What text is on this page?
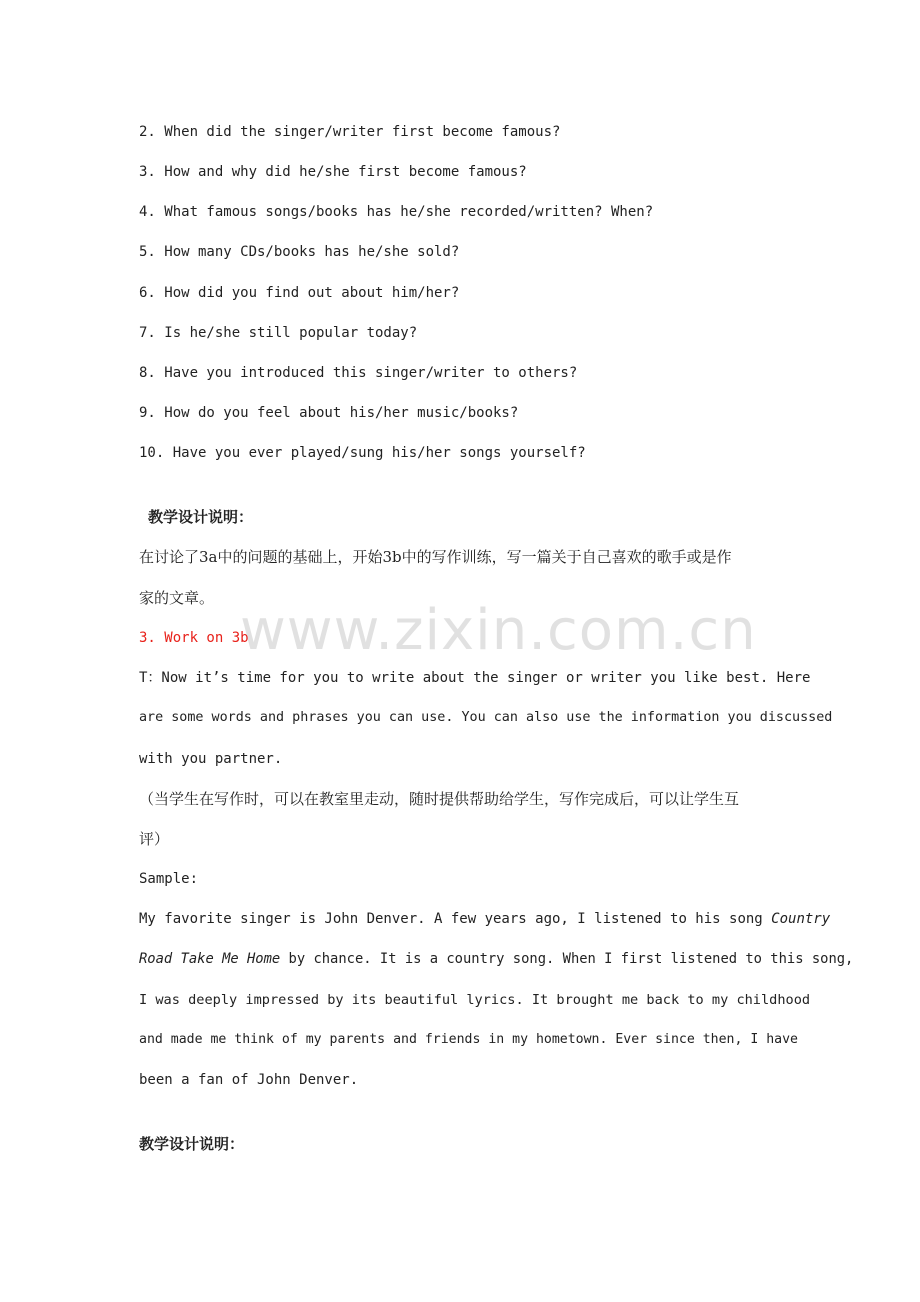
2. When did the singer/writer first become famous?
3. How and why did he/she first become famous?
4. What famous songs/books has he/she recorded/written? When?
5. How many CDs/books has he/she sold?
6. How did you find out about him/her?
7. Is he/she still popular today?
8. Have you introduced this singer/writer to others?
9. How do you feel about his/her music/books?
10. Have you ever played/sung his/her songs yourself?
教学设计说明：
在讨论了3a中的问题的基础上，开始3b中的写作训练，写一篇关于自己喜欢的歌手或是作
家的文章。
3. Work on 3b
T：Now it’s time for you to write about the singer or writer you like best. Here
are some words and phrases you can use. You can also use the information you discussed
with you partner.
（当学生在写作时，可以在教室里走动，随时提供帮助给学生，写作完成后，可以让学生互
评）
Sample:
My favorite singer is John Denver. A few years ago, I listened to his song Country
Road Take Me Home by chance. It is a country song. When I first listened to this song,
I was deeply impressed by its beautiful lyrics. It brought me back to my childhood
and made me think of my parents and friends in my hometown. Ever since then, I have
been a fan of John Denver.
教学设计说明：
www.zixin.com.cn
